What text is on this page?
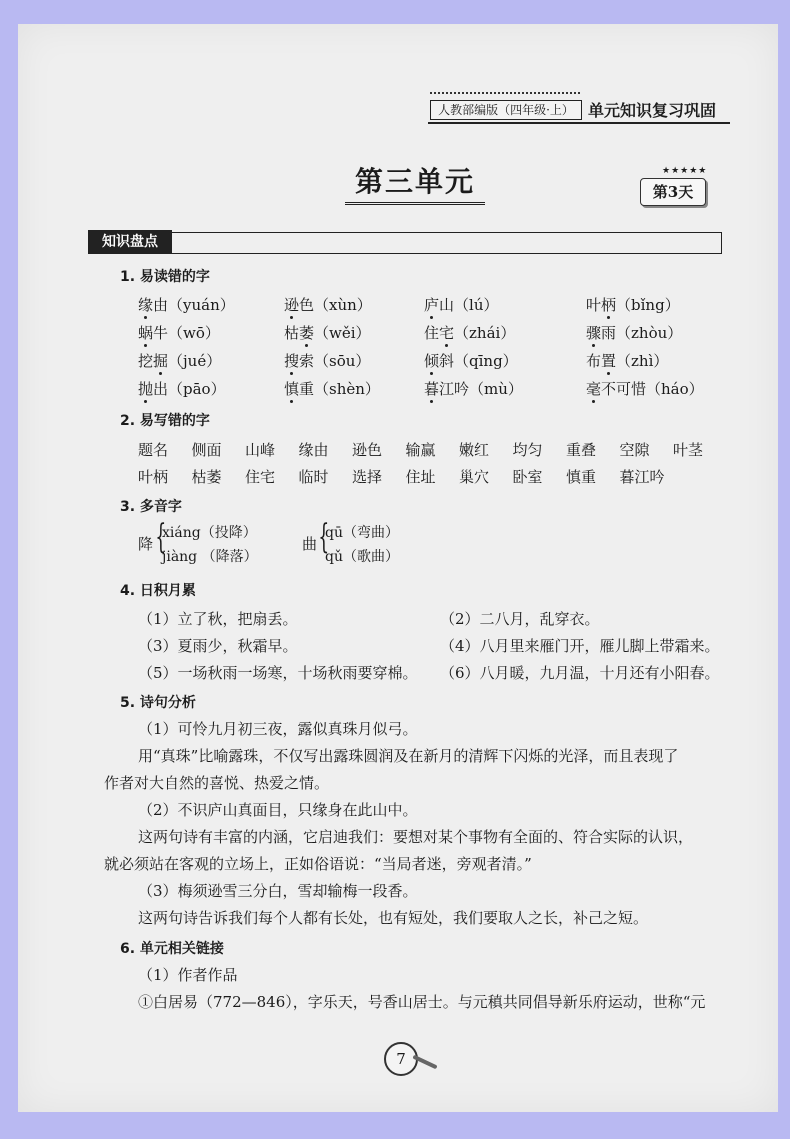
人教部编版（四年级·上） 单元知识复习巩固
第三单元	★★★★★
第3天
知识盘点
1. 易读错的字
缘由（yuán）	逊色（xùn）	庐山（lú）	叶柄（bǐng）
蜗牛（wō）	枯萎（wěi）	住宅（zhái）	骤雨（zhòu）
挖掘（jué）	搜索（sōu）	倾斜（qīng）	布置（zhì）
抛出（pāo）	慎重（shèn）	暮江吟（mù）	毫不可惜（háo）
2. 易写错的字
题名 侧面 山峰 缘由 逊色 输赢 嫩红 均匀 重叠 空隙 叶茎
叶柄 枯萎 住宅 临时 选择 住址 巢穴 卧室 慎重 暮江吟
3. 多音字
降 {
xiáng（投降）
jiàng （降落）
曲 {
qū（弯曲）
qǔ（歌曲）
4. 日积月累
（1）立了秋，把扇丢。	（2）二八月，乱穿衣。
（3）夏雨少，秋霜早。	（4）八月里来雁门开，雁儿脚上带霜来。
（5）一场秋雨一场寒，十场秋雨要穿棉。 （6）八月暖，九月温，十月还有小阳春。
5. 诗句分析
（1）可怜九月初三夜，露似真珠月似弓。
用“真珠”比喻露珠，不仅写出露珠圆润及在新月的清辉下闪烁的光泽，而且表现了
作者对大自然的喜悦、热爱之情。
（2）不识庐山真面目，只缘身在此山中。
这两句诗有丰富的内涵，它启迪我们：要想对某个事物有全面的、符合实际的认识，
就必须站在客观的立场上，正如俗语说：“当局者迷，旁观者清。”
（3）梅须逊雪三分白，雪却输梅一段香。
这两句诗告诉我们每个人都有长处，也有短处，我们要取人之长，补己之短。
6. 单元相关链接
（1）作者作品
①白居易（772—846），字乐天，号香山居士。与元稹共同倡导新乐府运动，世称“元
7
